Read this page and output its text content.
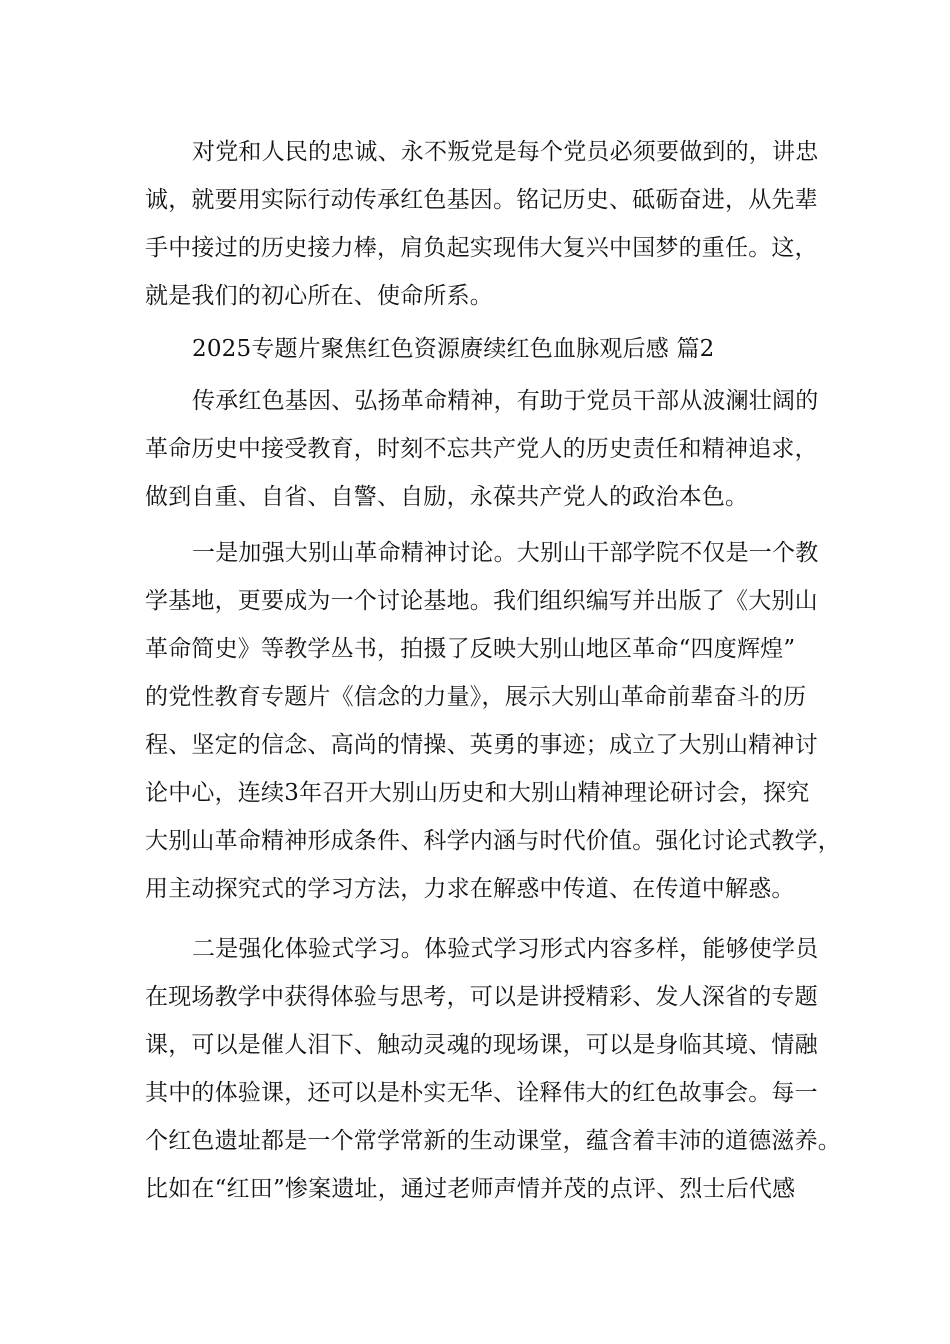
对党和人民的忠诚、永不叛党是每个党员必须要做到的，讲忠
诚，就要用实际行动传承红色基因。铭记历史、砥砺奋进，从先辈
手中接过的历史接力棒，肩负起实现伟大复兴中国梦的重任。这，
就是我们的初心所在、使命所系。
2025专题片聚焦红色资源赓续红色血脉观后感 篇2
传承红色基因、弘扬革命精神，有助于党员干部从波澜壮阔的
革命历史中接受教育，时刻不忘共产党人的历史责任和精神追求，
做到自重、自省、自警、自励，永葆共产党人的政治本色。
一是加强大别山革命精神讨论。大别山干部学院不仅是一个教
学基地，更要成为一个讨论基地。我们组织编写并出版了《大别山
革命简史》等教学丛书，拍摄了反映大别山地区革命“四度辉煌”
的党性教育专题片《信念的力量》，展示大别山革命前辈奋斗的历
程、坚定的信念、高尚的情操、英勇的事迹；成立了大别山精神讨
论中心，连续3年召开大别山历史和大别山精神理论研讨会，探究
大别山革命精神形成条件、科学内涵与时代价值。强化讨论式教学，
用主动探究式的学习方法，力求在解惑中传道、在传道中解惑。
二是强化体验式学习。体验式学习形式内容多样，能够使学员
在现场教学中获得体验与思考，可以是讲授精彩、发人深省的专题
课，可以是催人泪下、触动灵魂的现场课，可以是身临其境、情融
其中的体验课，还可以是朴实无华、诠释伟大的红色故事会。每一
个红色遗址都是一个常学常新的生动课堂，蕴含着丰沛的道德滋养。
比如在“红田”惨案遗址，通过老师声情并茂的点评、烈士后代感
